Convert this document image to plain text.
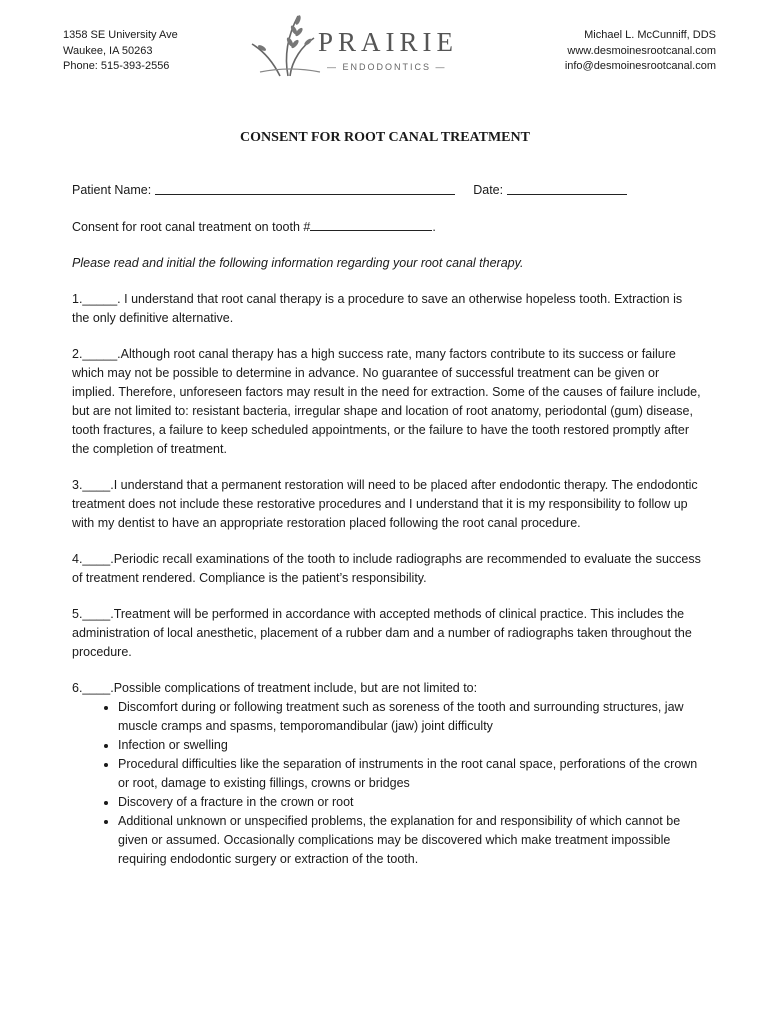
1358 SE University Ave
Waukee, IA 50263
Phone: 515-393-2556
PRAIRIE
— ENDODONTICS —
Michael L. McCunniff, DDS
www.desmoinesrootcanal.com
info@desmoinesrootcanal.com
CONSENT FOR ROOT CANAL TREATMENT

Patient Name:	Date:

Consent for root canal treatment on tooth #	.

Please read and initial the following information regarding your root canal therapy.

1._____. I understand that root canal therapy is a procedure to save an otherwise hopeless tooth. Extraction is the only definitive alternative.

2._____.Although root canal therapy has a high success rate, many factors contribute to its success or failure which may not be possible to determine in advance. No guarantee of successful treatment can be given or implied. Therefore, unforeseen factors may result in the need for extraction. Some of the causes of failure include, but are not limited to: resistant bacteria, irregular shape and location of root anatomy, periodontal (gum) disease, tooth fractures, a failure to keep scheduled appointments, or the failure to have the tooth restored promptly after the completion of treatment.

3.____.I understand that a permanent restoration will need to be placed after endodontic therapy. The endodontic treatment does not include these restorative procedures and I understand that it is my responsibility to follow up with my dentist to have an appropriate restoration placed following the root canal procedure.

4.____.Periodic recall examinations of the tooth to include radiographs are recommended to evaluate the success of treatment rendered. Compliance is the patient’s responsibility.

5.____.Treatment will be performed in accordance with accepted methods of clinical practice. This includes the administration of local anesthetic, placement of a rubber dam and a number of radiographs taken throughout the procedure.

6.____.Possible complications of treatment include, but are not limited to:

• Discomfort during or following treatment such as soreness of the tooth and surrounding structures, jaw muscle cramps and spasms, temporomandibular (jaw) joint difficulty
• Infection or swelling
• Procedural difficulties like the separation of instruments in the root canal space, perforations of the crown or root, damage to existing fillings, crowns or bridges
• Discovery of a fracture in the crown or root
• Additional unknown or unspecified problems, the explanation for and responsibility of which cannot be given or assumed. Occasionally complications may be discovered which make treatment impossible requiring endodontic surgery or extraction of the tooth.
